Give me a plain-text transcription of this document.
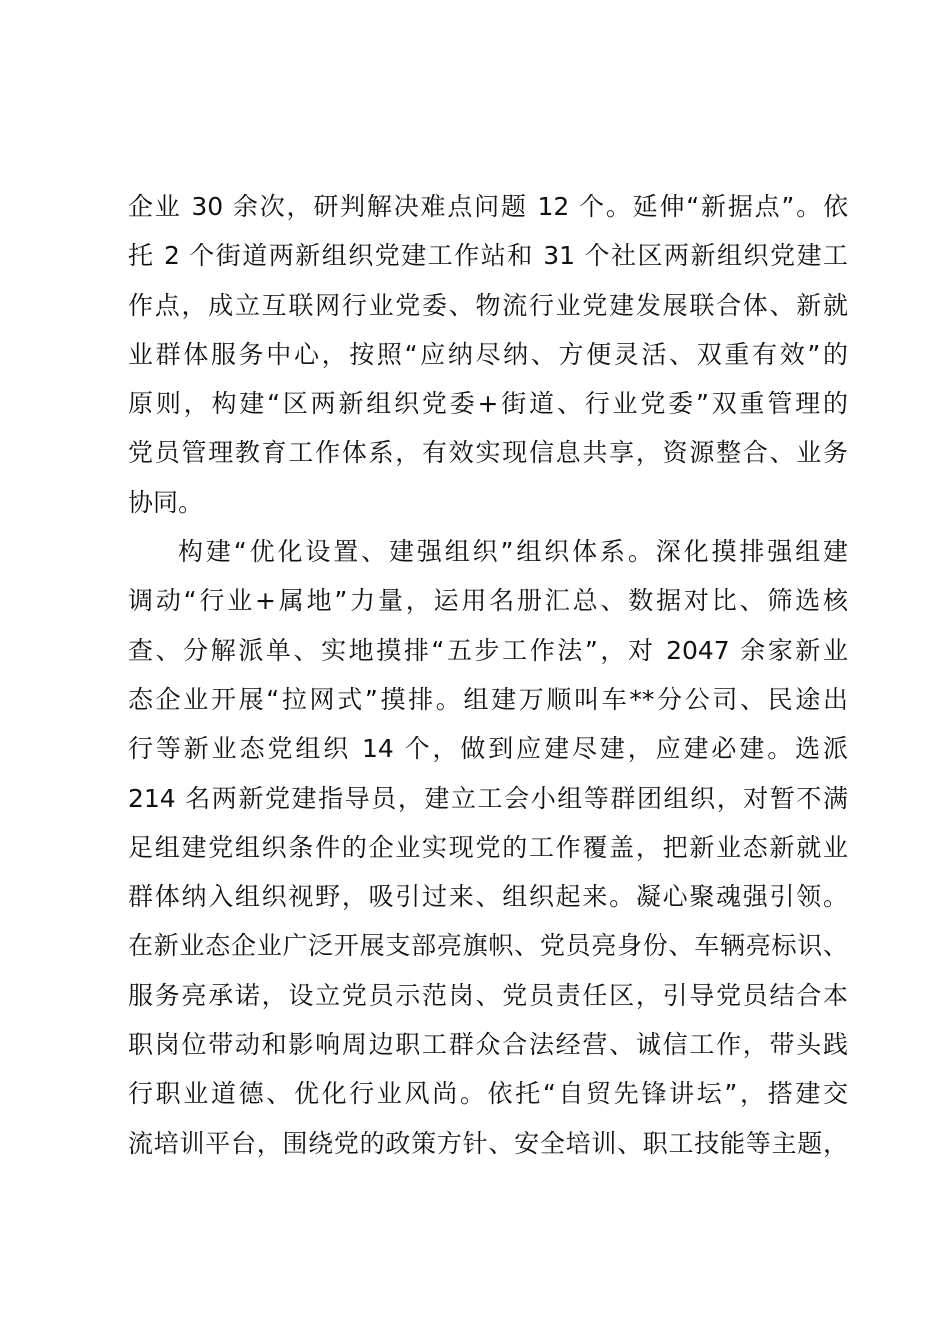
企业 30 余次，研判解决难点问题 12 个。延伸“新据点”。依
托 2 个街道两新组织党建工作站和 31 个社区两新组织党建工
作点，成立互联网行业党委、物流行业党建发展联合体、新就
业群体服务中心，按照“应纳尽纳、方便灵活、双重有效”的
原则，构建“区两新组织党委+街道、行业党委”双重管理的
党员管理教育工作体系，有效实现信息共享，资源整合、业务
协同。
构建“优化设置、建强组织”组织体系。深化摸排强组建
调动“行业+属地”力量，运用名册汇总、数据对比、筛选核
查、分解派单、实地摸排“五步工作法”，对 2047 余家新业
态企业开展“拉网式”摸排。组建万顺叫车**分公司、民途出
行等新业态党组织 14 个，做到应建尽建，应建必建。选派
214 名两新党建指导员，建立工会小组等群团组织，对暂不满
足组建党组织条件的企业实现党的工作覆盖，把新业态新就业
群体纳入组织视野，吸引过来、组织起来。凝心聚魂强引领。
在新业态企业广泛开展支部亮旗帜、党员亮身份、车辆亮标识、
服务亮承诺，设立党员示范岗、党员责任区，引导党员结合本
职岗位带动和影响周边职工群众合法经营、诚信工作，带头践
行职业道德、优化行业风尚。依托“自贸先锋讲坛”，搭建交
流培训平台，围绕党的政策方针、安全培训、职工技能等主题，
